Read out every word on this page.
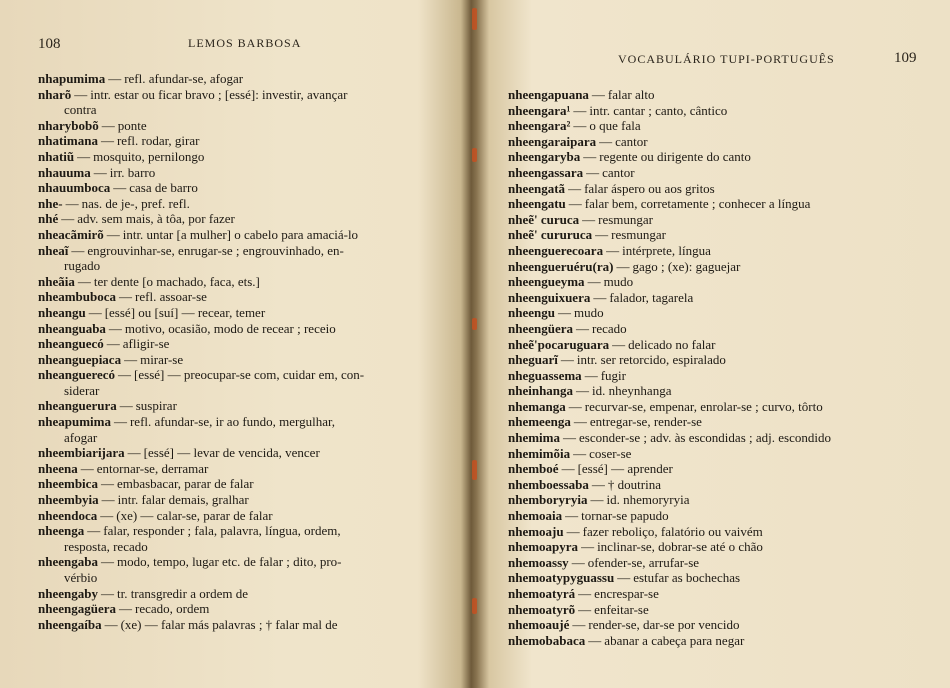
108	LEMOS BARBOSA
nhapumima — refl. afundar-se, afogar
nharõ — intr. estar ou ficar bravo ; [essé]: investir, avançar
contra
nharybobõ — ponte
nhatimana — refl. rodar, girar
nhatiũ — mosquito, pernilongo
nhauuma — irr. barro
nhauumboca — casa de barro
nhe- — nas. de je-, pref. refl.
nhé — adv. sem mais, à tôa, por fazer
nheacãmirõ — intr. untar [a mulher] o cabelo para amaciá-lo
nheaĩ — engrouvinhar-se, enrugar-se ; engrouvinhado, en-
rugado
nheãia — ter dente [o machado, faca, ets.]
nheambuboca — refl. assoar-se
nheangu — [essé] ou [suí] — recear, temer
nheanguaba — motivo, ocasião, modo de recear ; receio
nheanguecó — afligir-se
nheanguepiaca — mirar-se
nheanguerecó — [essé] — preocupar-se com, cuidar em, con-
siderar
nheanguerura — suspirar
nheapumima — refl. afundar-se, ir ao fundo, mergulhar,
afogar
nheembiarijara — [essé] — levar de vencida, vencer
nheena — entornar-se, derramar
nheembica — embasbacar, parar de falar
nheembyia — intr. falar demais, gralhar
nheendoca — (xe) — calar-se, parar de falar
nheenga — falar, responder ; fala, palavra, língua, ordem,
resposta, recado
nheengaba — modo, tempo, lugar etc. de falar ; dito, pro-
vérbio
nheengaby — tr. transgredir a ordem de
nheengagüera — recado, ordem
nheengaíba — (xe) — falar más palavras ; † falar mal de
VOCABULÁRIO TUPI-PORTUGUÊS	109
nheengapuana — falar alto
nheengara¹ — intr. cantar ; canto, cântico
nheengara² — o que fala
nheengaraipara — cantor
nheengaryba — regente ou dirigente do canto
nheengassara — cantor
nheengatã — falar áspero ou aos gritos
nheengatu — falar bem, corretamente ; conhecer a língua
nheẽ' curuca — resmungar
nheẽ' cururuca — resmungar
nheenguerecoara — intérprete, língua
nheengueruéru(ra) — gago ; (xe): gaguejar
nheengueyma — mudo
nheenguixuera — falador, tagarela
nheengu — mudo
nheengüera — recado
nheẽ'pocaruguara — delicado no falar
nheguarĩ — intr. ser retorcido, espiralado
nheguassema — fugir
nheinhanga — id. nheynhanga
nhemanga — recurvar-se, empenar, enrolar-se ; curvo, tôrto
nhemeenga — entregar-se, render-se
nhemima — esconder-se ; adv. às escondidas ; adj. escondido
nhemimõia — coser-se
nhemboé — [essé] — aprender
nhemboessaba — † doutrina
nhemboryryia — id. nhemoryryia
nhemoaia — tornar-se papudo
nhemoaju — fazer reboliço, falatório ou vaivém
nhemoapyra — inclinar-se, dobrar-se até o chão
nhemoassy — ofender-se, arrufar-se
nhemoatypyguassu — estufar as bochechas
nhemoatyrá — encrespar-se
nhemoatyrõ — enfeitar-se
nhemoaujé — render-se, dar-se por vencido
nhemobabaca — abanar a cabeça para negar
